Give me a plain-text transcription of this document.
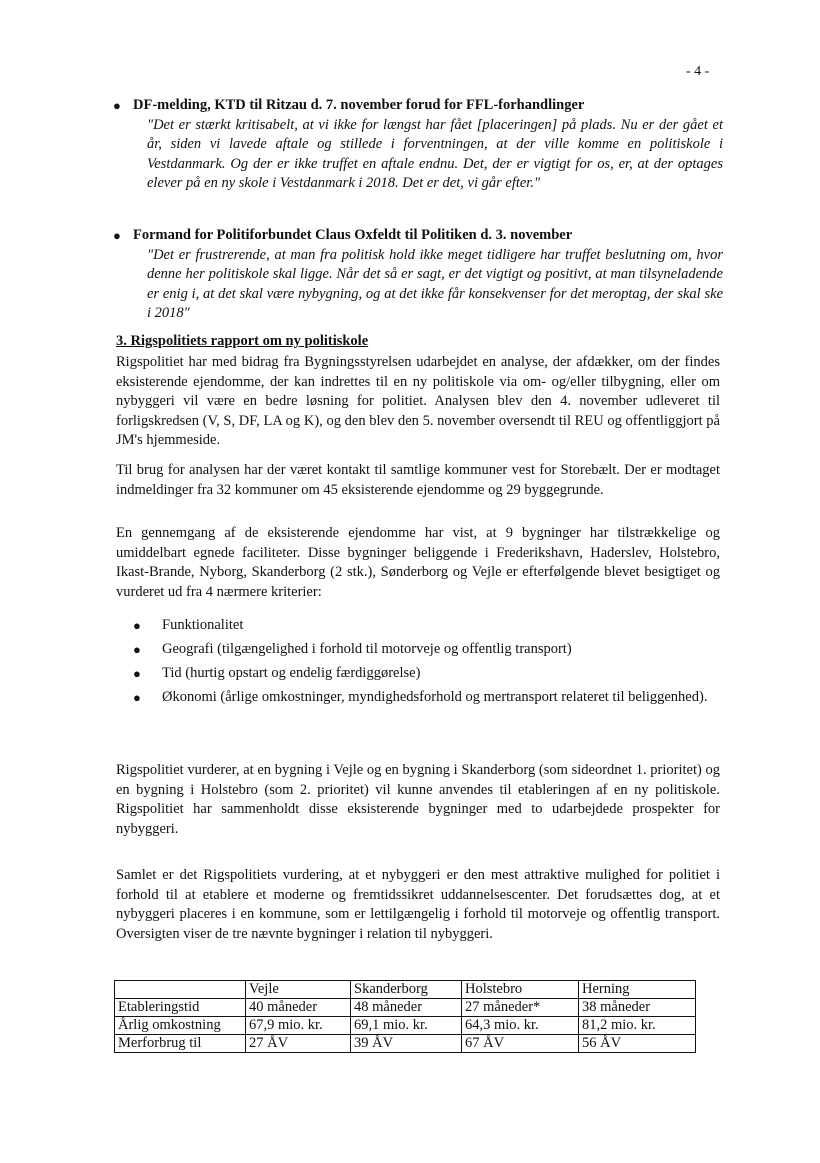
- 4 -
● DF-melding, KTD til Ritzau d. 7. november forud for FFL-forhandlinger
"Det er stærkt kritisabelt, at vi ikke for længst har fået [placeringen] på plads. Nu er der gået et år, siden vi lavede aftale og stillede i forventningen, at der ville komme en politiskole i Vestdanmark. Og der er ikke truffet en aftale endnu. Det, der er vigtigt for os, er, at der optages elever på en ny skole i Vestdanmark i 2018. Det er det, vi går efter."
● Formand for Politiforbundet Claus Oxfeldt til Politiken d. 3. november
"Det er frustrerende, at man fra politisk hold ikke meget tidligere har truffet beslutning om, hvor denne her politiskole skal ligge. Når det så er sagt, er det vigtigt og positivt, at man tilsyneladende er enig i, at det skal være nybygning, og at det ikke får konsekvenser for det meroptag, der skal ske i 2018"
3. Rigspolitiets rapport om ny politiskole

Rigspolitiet har med bidrag fra Bygningsstyrelsen udarbejdet en analyse, der afdækker, om der findes eksisterende ejendomme, der kan indrettes til en ny politiskole via om- og/eller tilbygning, eller om nybyggeri vil være en bedre løsning for politiet. Analysen blev den 4. november udleveret til forligskredsen (V, S, DF, LA og K), og den blev den 5. november oversendt til REU og offentliggjort på JM's hjemmeside.

Til brug for analysen har der været kontakt til samtlige kommuner vest for Storebælt. Der er modtaget indmeldinger fra 32 kommuner om 45 eksisterende ejendomme og 29 byggegrunde.

En gennemgang af de eksisterende ejendomme har vist, at 9 bygninger har tilstrækkelige og umiddelbart egnede faciliteter. Disse bygninger beliggende i Frederikshavn, Haderslev, Holstebro, Ikast-Brande, Nyborg, Skanderborg (2 stk.), Sønderborg og Vejle er efterfølgende blevet besigtiget og vurderet ud fra 4 nærmere kriterier:

● Funktionalitet
● Geografi (tilgængelighed i forhold til motorveje og offentlig transport)
● Tid (hurtig opstart og endelig færdiggørelse)
● Økonomi (årlige omkostninger, myndighedsforhold og mertransport relateret til beliggenhed).

Rigspolitiet vurderer, at en bygning i Vejle og en bygning i Skanderborg (som sideordnet 1. prioritet) og en bygning i Holstebro (som 2. prioritet) vil kunne anvendes til etableringen af en ny politiskole. Rigspolitiet har sammenholdt disse eksisterende bygninger med to udarbejdede prospekter for nybyggeri.

Samlet er det Rigspolitiets vurdering, at et nybyggeri er den mest attraktive mulighed for politiet i forhold til at etablere et moderne og fremtidssikret uddannelsescenter. Det forudsættes dog, at et nybyggeri placeres i en kommune, som er lettilgængelig i forhold til motorveje og offentlig transport. Oversigten viser de tre nævnte bygninger i relation til nybyggeri.

	Vejle	Skanderborg	Holstebro	Herning
Etableringstid	40 måneder	48 måneder	27 måneder*	38 måneder
Årlig omkostning	67,9 mio. kr.	69,1 mio. kr.	64,3 mio. kr.	81,2 mio. kr.
Merforbrug til	27 ÅV	39 ÅV	67 ÅV	56 ÅV
